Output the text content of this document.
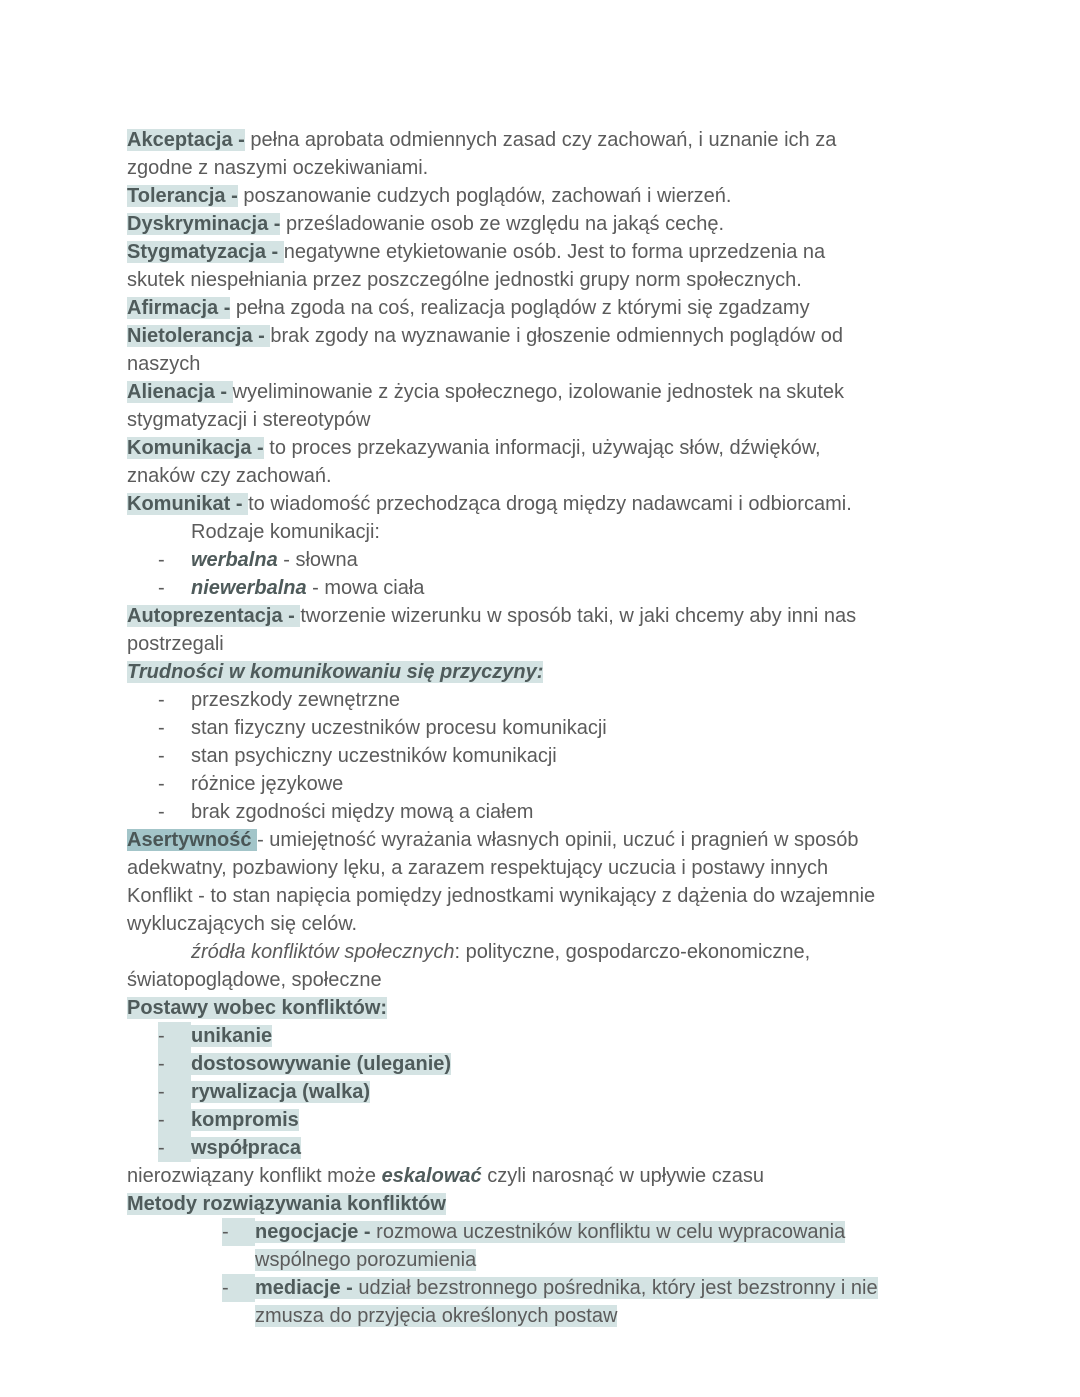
Akceptacja - pełna aprobata odmiennych zasad czy zachowań, i uznanie ich za
zgodne z naszymi oczekiwaniami.
Tolerancja - poszanowanie cudzych poglądów, zachowań i wierzeń.
Dyskryminacja - prześladowanie osob ze względu na jakąś cechę.
Stygmatyzacja - negatywne etykietowanie osób. Jest to forma uprzedzenia na
skutek niespełniania przez poszczególne jednostki grupy norm społecznych.
Afirmacja - pełna zgoda na coś, realizacja poglądów z którymi się zgadzamy
Nietolerancja - brak zgody na wyznawanie i głoszenie odmiennych poglądów od
naszych
Alienacja - wyeliminowanie z życia społecznego, izolowanie jednostek na skutek
stygmatyzacji i stereotypów
Komunikacja - to proces przekazywania informacji, używając słów, dźwięków,
znaków czy zachowań.
Komunikat - to wiadomość przechodząca drogą między nadawcami i odbiorcami.
Rodzaje komunikacji:
-	werbalna - słowna
-	niewerbalna - mowa ciała
Autoprezentacja - tworzenie wizerunku w sposób taki, w jaki chcemy aby inni nas
postrzegali
Trudności w komunikowaniu się przyczyny:
-	przeszkody zewnętrzne
-	stan fizyczny uczestników procesu komunikacji
-	stan psychiczny uczestników komunikacji
-	różnice językowe
-	brak zgodności między mową a ciałem
Asertywność - umiejętność wyrażania własnych opinii, uczuć i pragnień w sposób
adekwatny, pozbawiony lęku, a zarazem respektujący uczucia i postawy innych
Konflikt - to stan napięcia pomiędzy jednostkami wynikający z dążenia do wzajemnie
wykluczających się celów.
źródła konfliktów społecznych: polityczne, gospodarczo-ekonomiczne,
światopoglądowe, społeczne
Postawy wobec konfliktów:
-	unikanie
-	dostosowywanie (uleganie)
-	rywalizacja (walka)
-	kompromis
-	współpraca
nierozwiązany konflikt może eskalować czyli narosnąć w upływie czasu
Metody rozwiązywania konfliktów
-	negocjacje - rozmowa uczestników konfliktu w celu wypracowania
wspólnego porozumienia
-	mediacje - udział bezstronnego pośrednika, który jest bezstronny i nie
zmusza do przyjęcia określonych postaw
